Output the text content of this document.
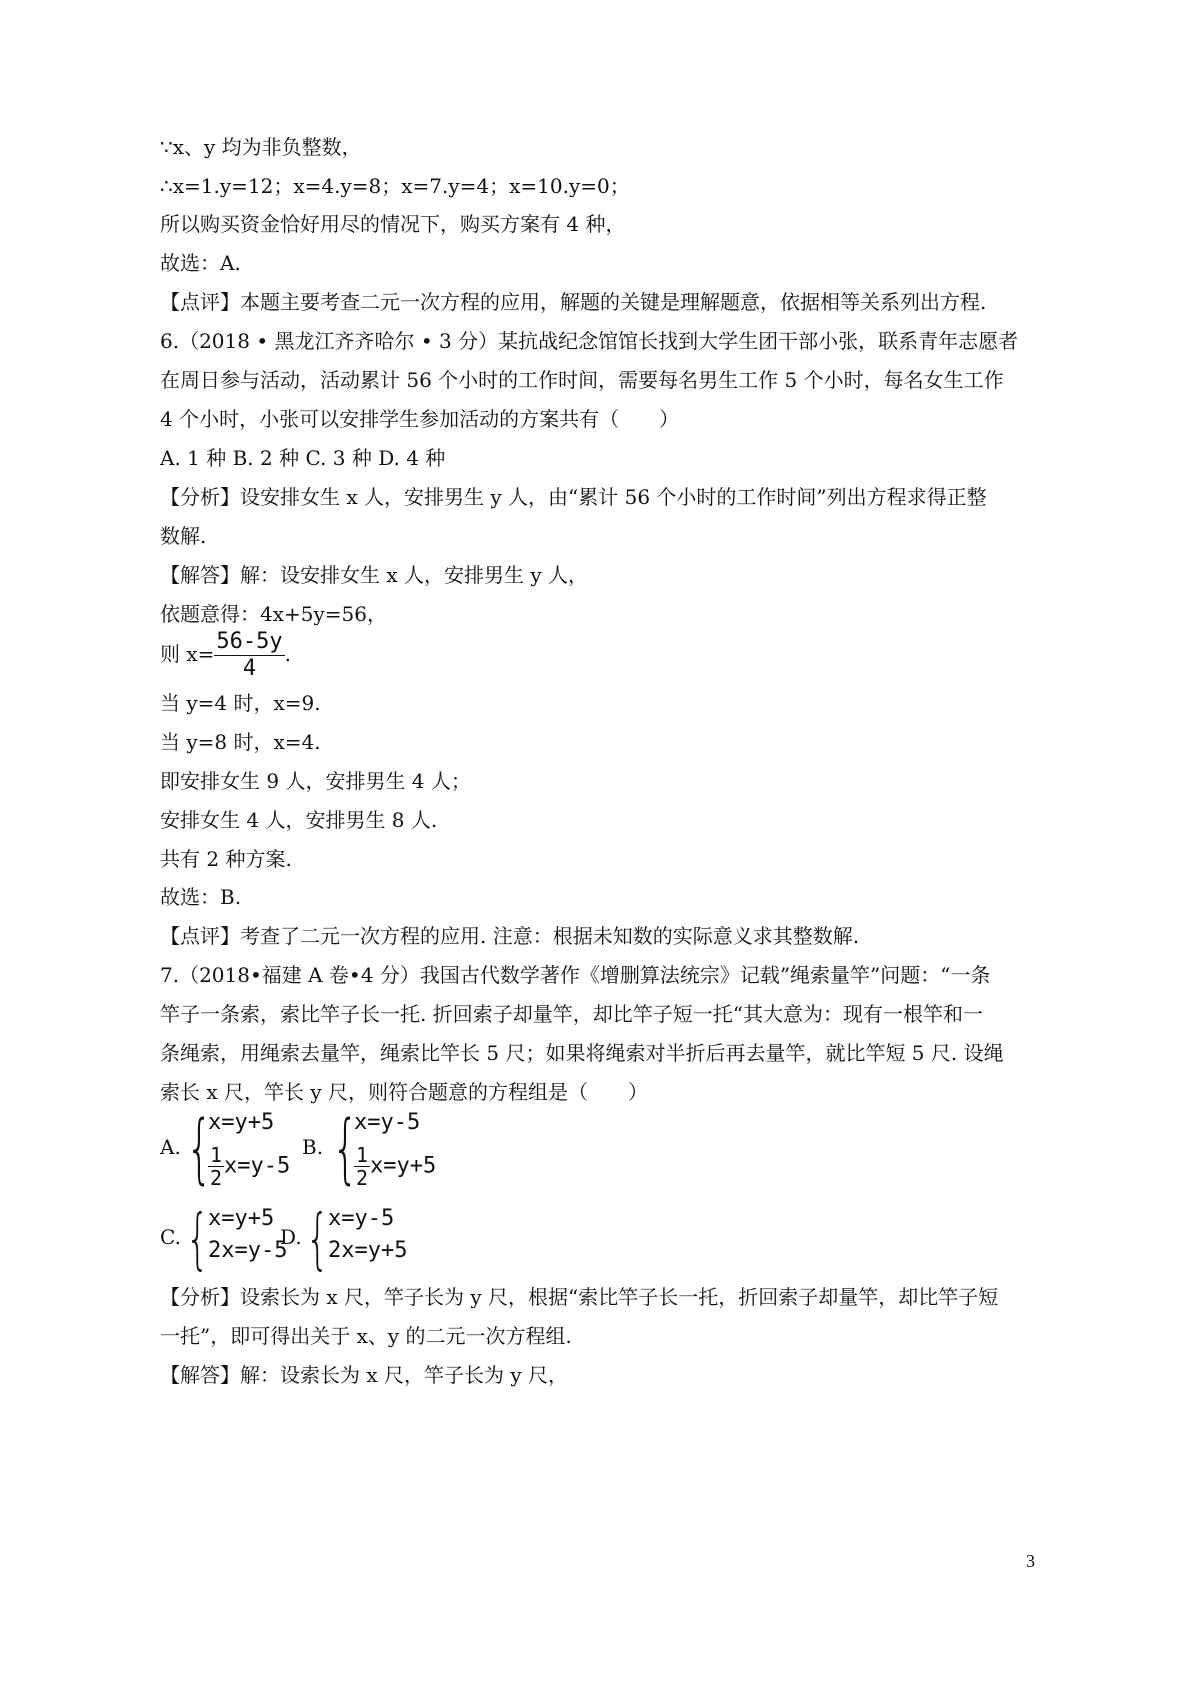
∵x、y 均为非负整数，
∴x=1.y=12；x=4.y=8；x=7.y=4；x=10.y=0；
所以购买资金恰好用尽的情况下，购买方案有 4 种，
故选：A.
【点评】本题主要考查二元一次方程的应用，解题的关键是理解题意，依据相等关系列出方程.
6.（2018 • 黑龙江齐齐哈尔 • 3 分）某抗战纪念馆馆长找到大学生团干部小张，联系青年志愿者
在周日参与活动，活动累计 56 个小时的工作时间，需要每名男生工作 5 个小时，每名女生工作
4 个小时，小张可以安排学生参加活动的方案共有（　　）
A. 1 种 B. 2 种 C. 3 种 D. 4 种
【分析】设安排女生 x 人，安排男生 y 人，由“累计 56 个小时的工作时间”列出方程求得正整
数解.
【解答】解：设安排女生 x 人，安排男生 y 人，
依题意得：4x+5y=56，
则 $x= \frac{56-5y}{4}$ .
当 y=4 时，x=9.
当 y=8 时，x=4.
即安排女生 9 人，安排男生 4 人；
安排女生 4 人，安排男生 8 人.
共有 2 种方案.
故选：B.
【点评】考查了二元一次方程的应用. 注意：根据未知数的实际意义求其整数解.
7.（2018•福建 A 卷•4 分）我国古代数学著作《增删算法统宗》记载”绳索量竿”问题：“一条
竿子一条索，索比竿子长一托. 折回索子却量竿，却比竿子短一托“其大意为：现有一根竿和一
条绳索，用绳索去量竿，绳索比竿长 5 尺；如果将绳索对半折后再去量竿，就比竿短 5 尺. 设绳
索长 x 尺，竿长 y 尺，则符合题意的方程组是（　　）
A. {
x=y+5
$\frac{1}{2} x=y-5$
B. {
x=y-5
$\frac{1}{2} x=y+5$
C. {
x=y+5
2x=y-5
D. {
x=y-5
2x=y+5
【分析】设索长为 x 尺，竿子长为 y 尺，根据“索比竿子长一托，折回索子却量竿，却比竿子短
一托”，即可得出关于 x、y 的二元一次方程组.
【解答】解：设索长为 x 尺，竿子长为 y 尺，
3
